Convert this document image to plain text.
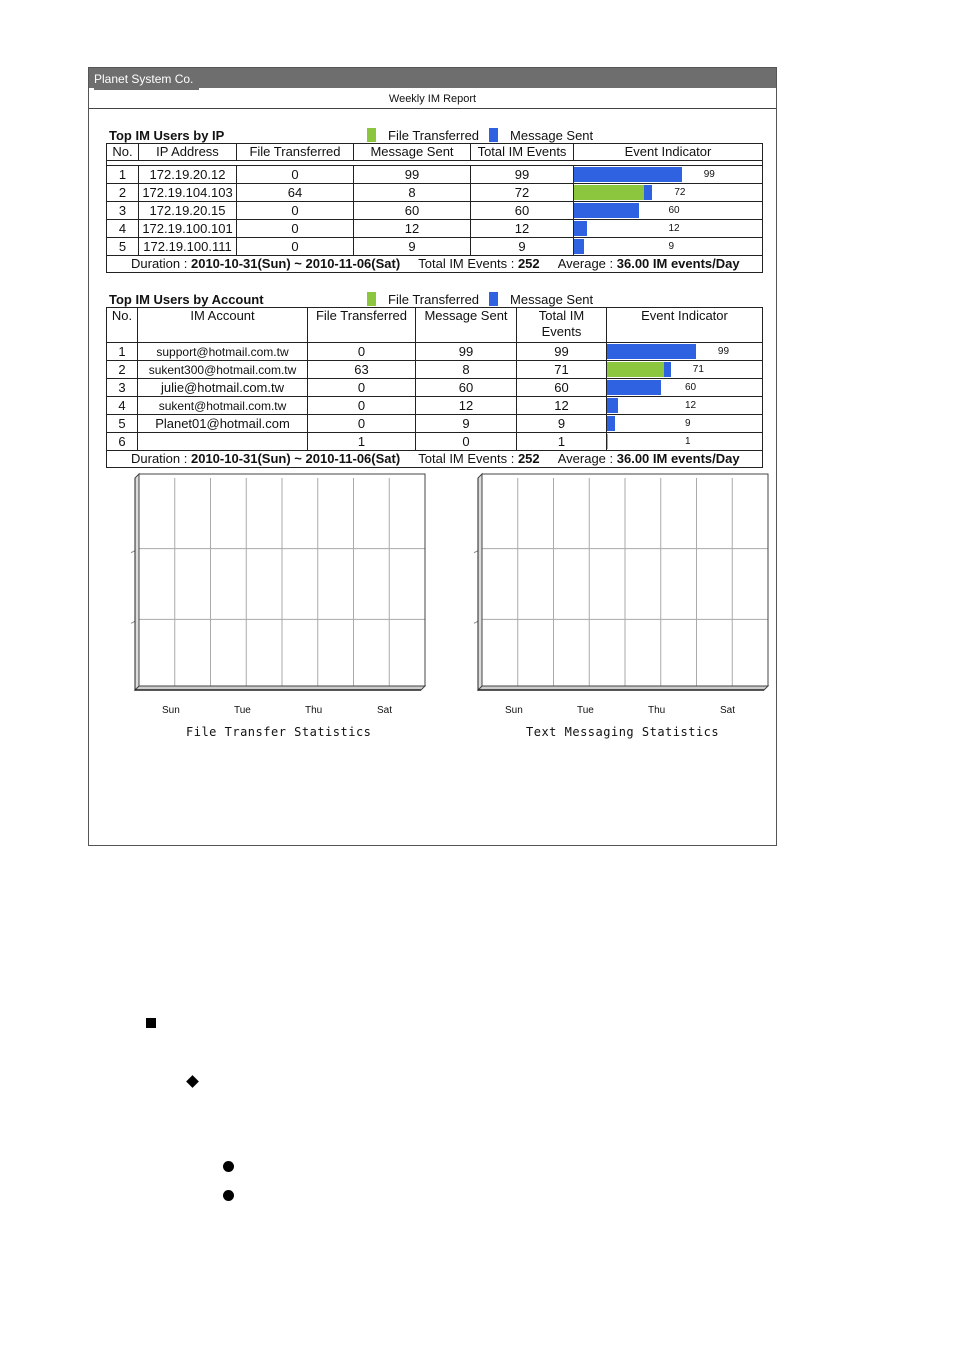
Planet System Co.
Weekly IM Report
Top IM Users by IP	File Transferred Message Sent
No.	IP Address	File Transferred	Message Sent	Total IM Events	Event Indicator

1	172.19.20.12	0	99	99	99

2	172.19.104.103	64	8	72	72

3	172.19.20.15	0	60	60	60

4	172.19.100.101	0	12	12	12

5	172.19.100.111	0	9	9	9

Duration : 2010-10-31(Sun) ~ 2010-11-06(Sat) Total IM Events : 252 Average : 36.00 IM events/Day					
Top IM Users by Account	File Transferred Message Sent
No.	IM Account	File Transferred	Message Sent	Total IM Events	Event Indicator
1	support@hotmail.com.tw	0	99	99	99

2	sukent300@hotmail.com.tw	63	8	71	71

3	julie@hotmail.com.tw	0	60	60	60

4	sukent@hotmail.com.tw	0	12	12	12

5	Planet01@hotmail.com	0	9	9	9

6		1	0	1	1

Duration : 2010-10-31(Sun) ~ 2010-11-06(Sat) Total IM Events : 252 Average : 36.00 IM events/Day					
Sun	Tue	Thu	Sat
File Transfer Statistics
Sun	Tue	Thu	Sat
Text Messaging Statistics
